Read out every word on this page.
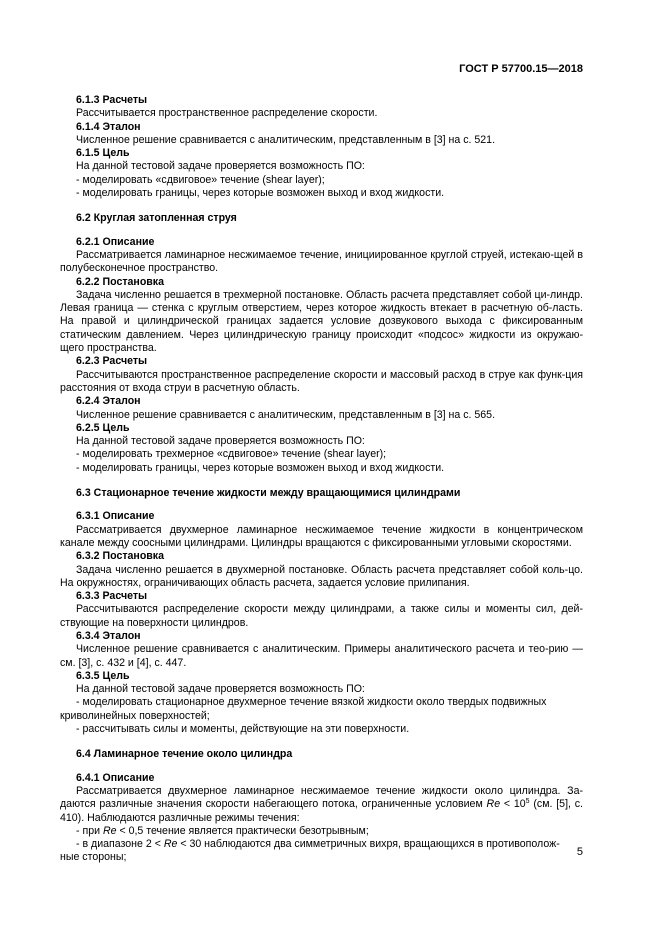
ГОСТ Р 57700.15—2018
6.1.3 Расчеты
Рассчитывается пространственное распределение скорости.
6.1.4 Эталон
Численное решение сравнивается с аналитическим, представленным в [3] на с. 521.
6.1.5 Цель
На данной тестовой задаче проверяется возможность ПО:
- моделировать «сдвиговое» течение (shear layer);
- моделировать границы, через которые возможен выход и вход жидкости.
6.2 Круглая затопленная струя
6.2.1 Описание
Рассматривается ламинарное несжимаемое течение, инициированное круглой струей, истекаю-щей в полубесконечное пространство.
6.2.2 Постановка
Задача численно решается в трехмерной постановке. Область расчета представляет собой ци-линдр. Левая граница — стенка с круглым отверстием, через которое жидкость втекает в расчетную об-ласть. На правой и цилиндрической границах задается условие дозвукового выхода с фиксированным статическим давлением. Через цилиндрическую границу происходит «подсос» жидкости из окружаю-щего пространства.
6.2.3 Расчеты
Рассчитываются пространственное распределение скорости и массовый расход в струе как функ-ция расстояния от входа струи в расчетную область.
6.2.4 Эталон
Численное решение сравнивается с аналитическим, представленным в [3] на с. 565.
6.2.5 Цель
На данной тестовой задаче проверяется возможность ПО:
- моделировать трехмерное «сдвиговое» течение (shear layer);
- моделировать границы, через которые возможен выход и вход жидкости.
6.3 Стационарное течение жидкости между вращающимися цилиндрами
6.3.1 Описание
Рассматривается двухмерное ламинарное несжимаемое течение жидкости в концентрическом канале между соосными цилиндрами. Цилиндры вращаются с фиксированными угловыми скоростями.
6.3.2 Постановка
Задача численно решается в двухмерной постановке. Область расчета представляет собой коль-цо. На окружностях, ограничивающих область расчета, задается условие прилипания.
6.3.3 Расчеты
Рассчитываются распределение скорости между цилиндрами, а также силы и моменты сил, дей-ствующие на поверхности цилиндров.
6.3.4 Эталон
Численное решение сравнивается с аналитическим. Примеры аналитического расчета и тео-рию — см. [3], с. 432 и [4], с. 447.
6.3.5 Цель
На данной тестовой задаче проверяется возможность ПО:
- моделировать стационарное двухмерное течение вязкой жидкости около твердых подвижных
криволинейных поверхностей;
- рассчитывать силы и моменты, действующие на эти поверхности.
6.4 Ламинарное течение около цилиндра
6.4.1 Описание
Рассматривается двухмерное ламинарное несжимаемое течение жидкости около цилиндра. За-даются различные значения скорости набегающего потока, ограниченные условием $Re < 10^5$ (см. [5], с. 410). Наблюдаются различные режимы течения:
- при Re < 0,5 течение является практически безотрывным;
- в диапазоне 2 < Re < 30 наблюдаются два симметричных вихря, вращающихся в противополож-
ные стороны;	5
